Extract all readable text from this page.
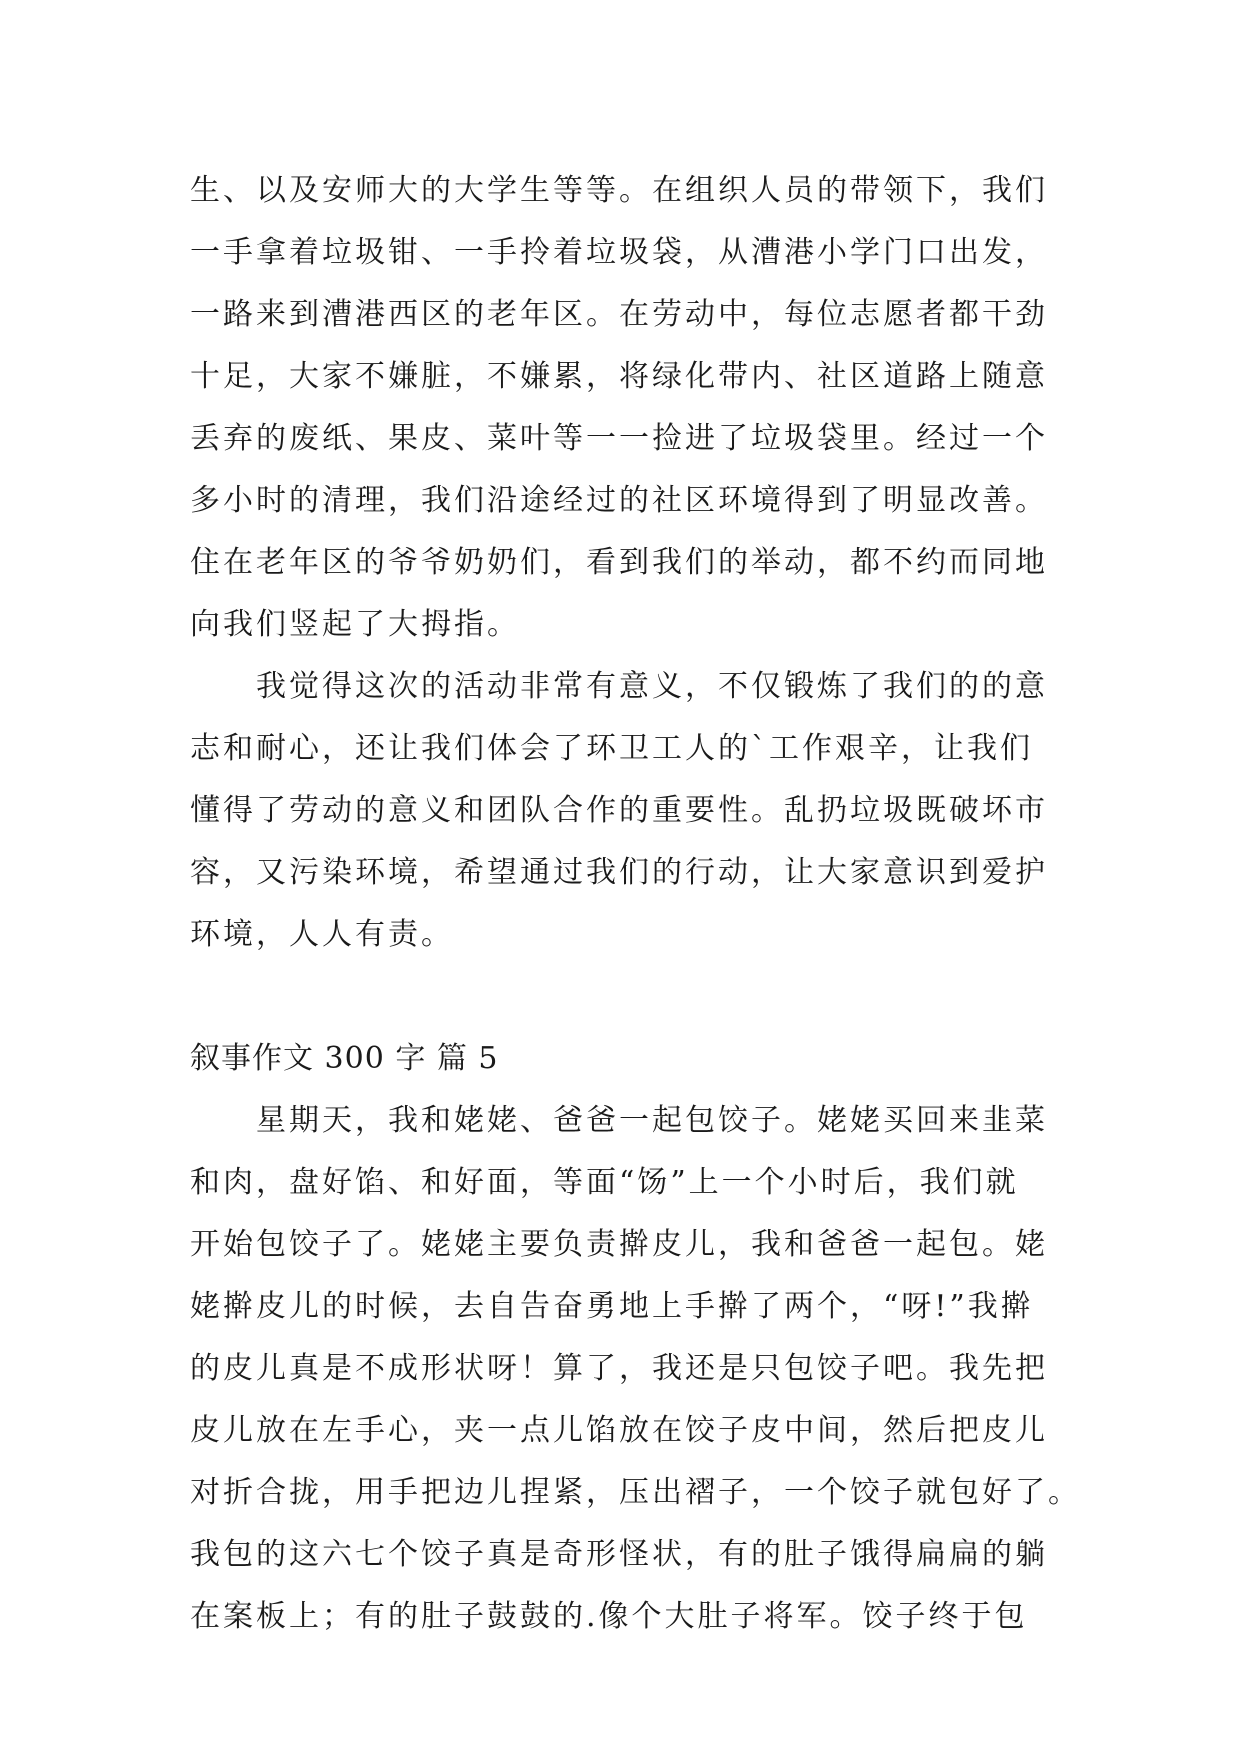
生、以及安师大的大学生等等。在组织人员的带领下，我们
一手拿着垃圾钳、一手拎着垃圾袋，从漕港小学门口出发，
一路来到漕港西区的老年区。在劳动中，每位志愿者都干劲
十足，大家不嫌脏，不嫌累，将绿化带内、社区道路上随意
丢弃的废纸、果皮、菜叶等一一捡进了垃圾袋里。经过一个
多小时的清理，我们沿途经过的社区环境得到了明显改善。
住在老年区的爷爷奶奶们，看到我们的举动，都不约而同地
向我们竖起了大拇指。
　　我觉得这次的活动非常有意义，不仅锻炼了我们的的意
志和耐心，还让我们体会了环卫工人的`工作艰辛，让我们
懂得了劳动的意义和团队合作的重要性。乱扔垃圾既破坏市
容，又污染环境，希望通过我们的行动，让大家意识到爱护
环境，人人有责。
叙事作文 300 字 篇 5
　　星期天，我和姥姥、爸爸一起包饺子。姥姥买回来韭菜
和肉，盘好馅、和好面，等面“饧”上一个小时后，我们就
开始包饺子了。姥姥主要负责擀皮儿，我和爸爸一起包。姥
姥擀皮儿的时候，去自告奋勇地上手擀了两个，“呀!”我擀
的皮儿真是不成形状呀！算了，我还是只包饺子吧。我先把
皮儿放在左手心，夹一点儿馅放在饺子皮中间，然后把皮儿
对折合拢，用手把边儿捏紧，压出褶子，一个饺子就包好了。
我包的这六七个饺子真是奇形怪状，有的肚子饿得扁扁的躺
在案板上；有的肚子鼓鼓的.像个大肚子将军。饺子终于包
